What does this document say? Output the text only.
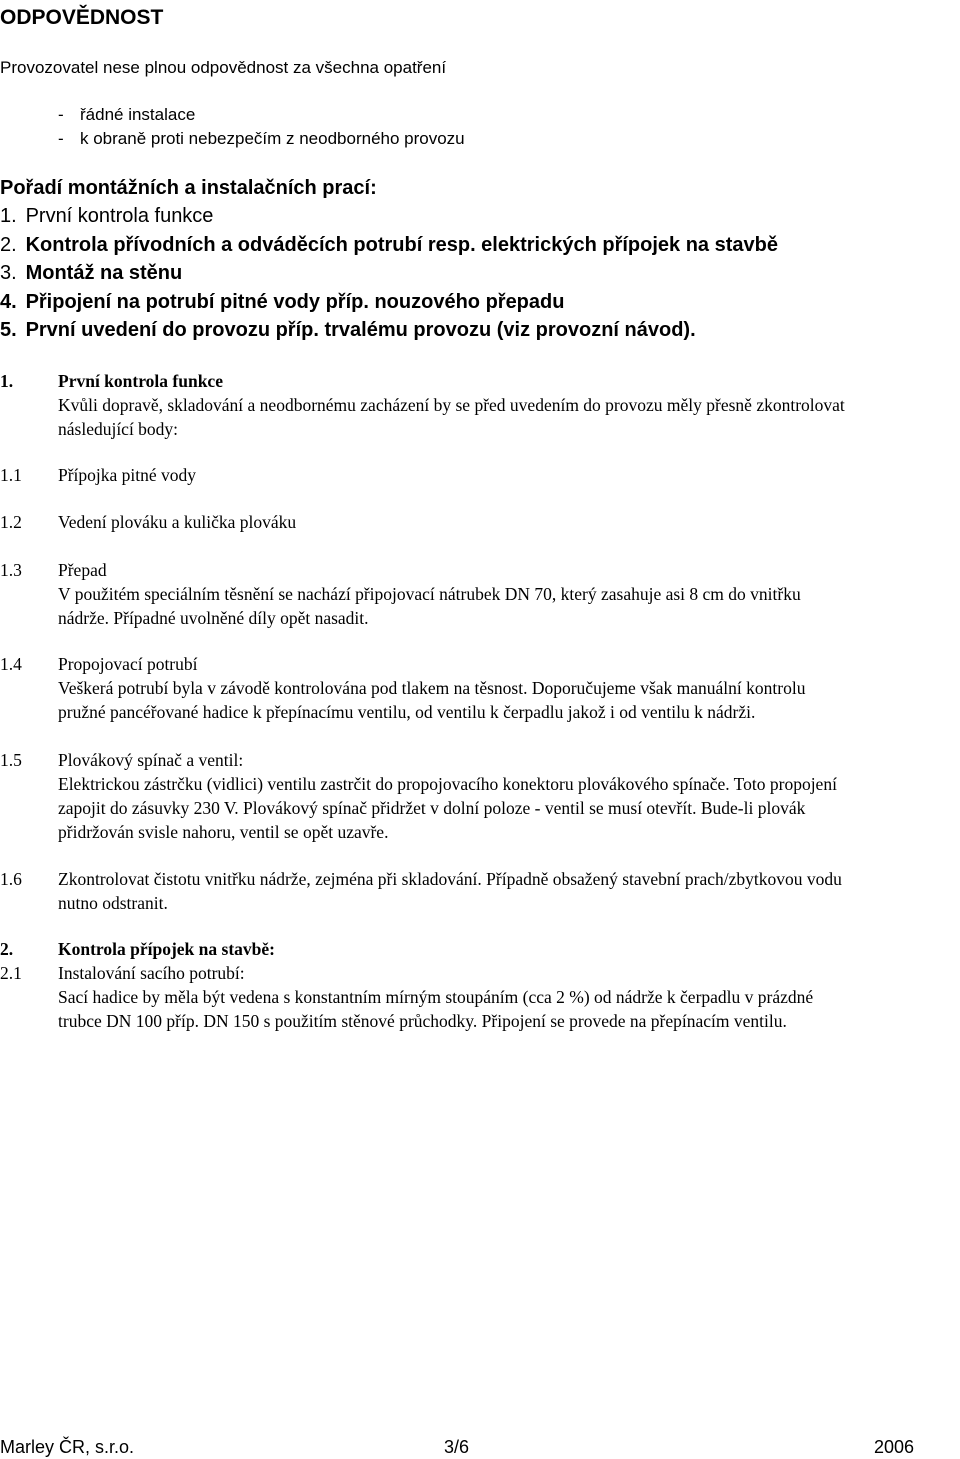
ODPOVĚDNOST
Provozovatel nese plnou odpovědnost za všechna opatření
- řádné instalace
- k obraně proti nebezpečím z neodborného provozu
Pořadí montážních a instalačních prací:
1. První kontrola funkce
2. Kontrola přívodních a odváděcích potrubí resp. elektrických přípojek na stavbě
3. Montáž na stěnu
4. Připojení na potrubí pitné vody příp. nouzového přepadu
5. První uvedení do provozu příp. trvalému provozu (viz provozní návod).
1.	První kontrola funkce
Kvůli dopravě, skladování a neodbornému zacházení by se před uvedením do provozu měly přesně zkontrolovat
následující body:
1.1 Přípojka pitné vody
1.2 Vedení plováku a kulička plováku
1.3 Přepad
V použitém speciálním těsnění se nachází připojovací nátrubek DN 70, který zasahuje asi 8 cm do vnitřku
nádrže. Případné uvolněné díly opět nasadit.
1.4 Propojovací potrubí
Veškerá potrubí byla v závodě kontrolována pod tlakem na těsnost. Doporučujeme však manuální kontrolu
pružné pancéřované hadice k přepínacímu ventilu, od ventilu k čerpadlu jakož i od ventilu k nádrži.
1.5 Plovákový spínač a ventil:
Elektrickou zástrčku (vidlici) ventilu zastrčit do propojovacího konektoru plovákového spínače. Toto propojení
zapojit do zásuvky 230 V. Plovákový spínač přidržet v dolní poloze - ventil se musí otevřít. Bude-li plovák
přidržován svisle nahoru, ventil se opět uzavře.
1.6 Zkontrolovat čistotu vnitřku nádrže, zejména při skladování. Případně obsažený stavební prach/zbytkovou vodu
nutno odstranit.
2.	Kontrola přípojek na stavbě:
2.1 Instalování sacího potrubí:
Sací hadice by měla být vedena s konstantním mírným stoupáním (cca 2 %) od nádrže k čerpadlu v prázdné
trubce DN 100 příp. DN 150 s použitím stěnové průchodky. Připojení se provede na přepínacím ventilu.
Marley ČR, s.r.o.	3/6	2006
